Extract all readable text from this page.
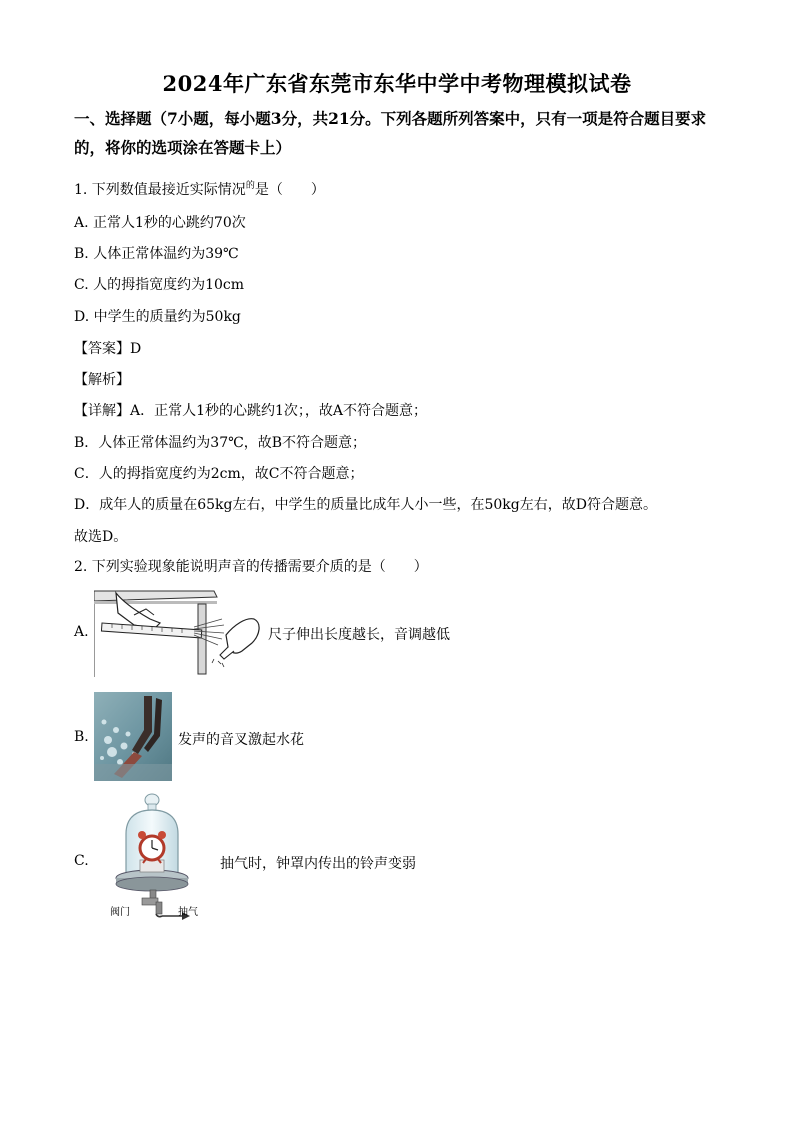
2024年广东省东莞市东华中学中考物理模拟试卷
一、选择题（7小题，每小题3分，共21分。下列各题所列答案中，只有一项是符合题目要求的，将你的选项涂在答题卡上）
1. 下列数值最接近实际情况$^的$是（　　）
A. 正常人1秒的心跳约70次
B. 人体正常体温约为39℃
C. 人的拇指宽度约为10cm
D. 中学生的质量约为50kg
【答案】D
【解析】
【详解】A．正常人1秒的心跳约1次；，故A不符合题意；
B．人体正常体温约为37℃，故B不符合题意；
C．人的拇指宽度约为2cm，故C不符合题意；
D．成年人的质量在65kg左右，中学生的质量比成年人小一些，在50kg左右，故D符合题意。
故选D。
2. 下列实验现象能说明声音的传播需要介质的是（　　）
A.	尺子伸出长度越长，音调越低
B.	发声的音叉激起水花
C.
阀门	抽气
抽气时，钟罩内传出的铃声变弱
